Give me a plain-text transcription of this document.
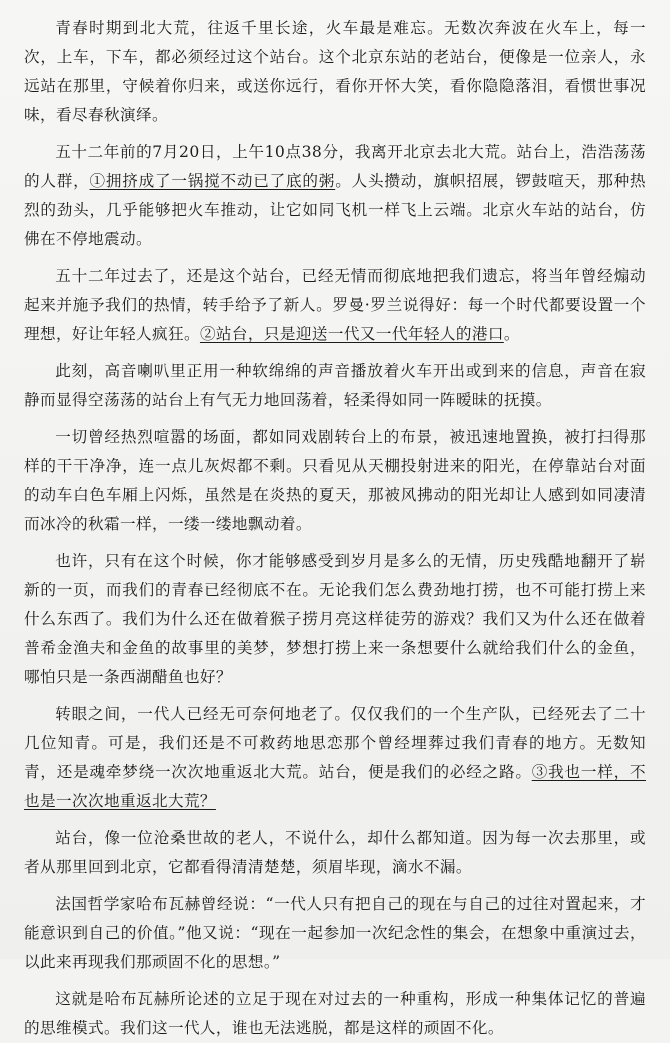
青春时期到北大荒，往返千里长途，火车最是难忘。无数次奔波在火车上，每一次，上车，下车，都必须经过这个站台。这个北京东站的老站台，便像是一位亲人，永远站在那里，守候着你归来，或送你远行，看你开怀大笑，看你隐隐落泪，看惯世事况味，看尽春秋演绎。

五十二年前的7月20日，上午10点38分，我离开北京去北大荒。站台上，浩浩荡荡的人群，①拥挤成了一锅搅不动已了底的粥。人头攒动，旗帜招展，锣鼓喧天，那种热烈的劲头，几乎能够把火车推动，让它如同飞机一样飞上云端。北京火车站的站台，仿佛在不停地震动。

五十二年过去了，还是这个站台，已经无情而彻底地把我们遗忘，将当年曾经煽动起来并施予我们的热情，转手给予了新人。罗曼·罗兰说得好：每一个时代都要设置一个理想，好让年轻人疯狂。②站台，只是迎送一代又一代年轻人的港口。

此刻，高音喇叭里正用一种软绵绵的声音播放着火车开出或到来的信息，声音在寂静而显得空荡荡的站台上有气无力地回荡着，轻柔得如同一阵暧昧的抚摸。

一切曾经热烈喧嚣的场面，都如同戏剧转台上的布景，被迅速地置换，被打扫得那样的干干净净，连一点儿灰烬都不剩。只看见从天棚投射进来的阳光，在停靠站台对面的动车白色车厢上闪烁，虽然是在炎热的夏天，那被风拂动的阳光却让人感到如同凄清而冰冷的秋霜一样，一缕一缕地飘动着。

也许，只有在这个时候，你才能够感受到岁月是多么的无情，历史残酷地翻开了崭新的一页，而我们的青春已经彻底不在。无论我们怎么费劲地打捞，也不可能打捞上来什么东西了。我们为什么还在做着猴子捞月亮这样徒劳的游戏？我们又为什么还在做着普希金渔夫和金鱼的故事里的美梦，梦想打捞上来一条想要什么就给我们什么的金鱼，哪怕只是一条西湖醋鱼也好？

转眼之间，一代人已经无可奈何地老了。仅仅我们的一个生产队，已经死去了二十几位知青。可是，我们还是不可救药地思恋那个曾经埋葬过我们青春的地方。无数知青，还是魂牵梦绕一次次地重返北大荒。站台，便是我们的必经之路。③我也一样，不也是一次次地重返北大荒？

站台，像一位沧桑世故的老人，不说什么，却什么都知道。因为每一次去那里，或者从那里回到北京，它都看得清清楚楚，须眉毕现，滴水不漏。

法国哲学家哈布瓦赫曾经说：“一代人只有把自己的现在与自己的过往对置起来，才能意识到自己的价值。”他又说：“现在一起参加一次纪念性的集会，在想象中重演过去，以此来再现我们那顽固不化的思想。”

这就是哈布瓦赫所论述的立足于现在对过去的一种重构，形成一种集体记忆的普遍的思维模式。我们这一代人，谁也无法逃脱，都是这样的顽固不化。
